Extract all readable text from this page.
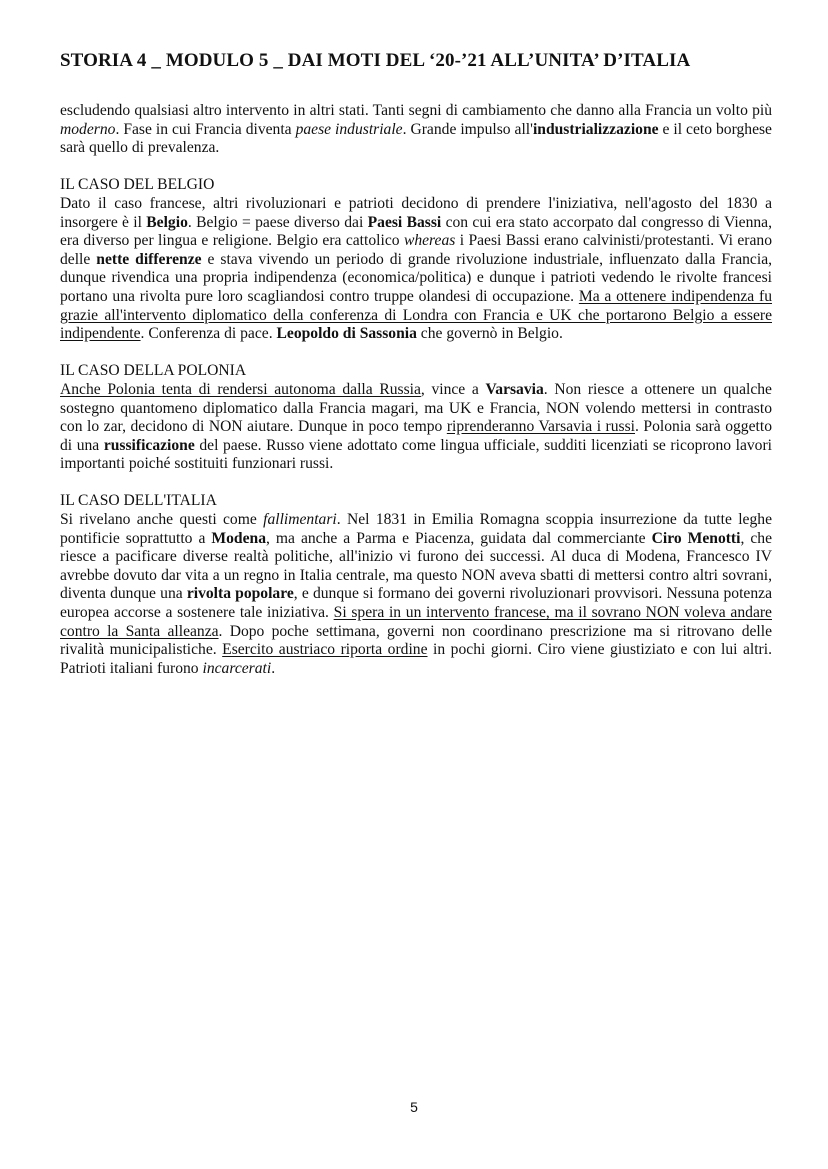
STORIA 4 _ MODULO 5 _ DAI MOTI DEL ‘20-’21 ALL’UNITA’ D’ITALIA

escludendo qualsiasi altro intervento in altri stati. Tanti segni di cambiamento che danno alla Francia un volto più moderno. Fase in cui Francia diventa paese industriale. Grande impulso all'industrializzazione e il ceto borghese sarà quello di prevalenza.

IL CASO DEL BELGIO

Dato il caso francese, altri rivoluzionari e patrioti decidono di prendere l'iniziativa, nell'agosto del 1830 a insorgere è il Belgio. Belgio = paese diverso dai Paesi Bassi con cui era stato accorpato dal congresso di Vienna, era diverso per lingua e religione. Belgio era cattolico whereas i Paesi Bassi erano calvinisti/protestanti. Vi erano delle nette differenze e stava vivendo un periodo di grande rivoluzione industriale, influenzato dalla Francia, dunque rivendica una propria indipendenza (economica/politica) e dunque i patrioti vedendo le rivolte francesi portano una rivolta pure loro scagliandosi contro truppe olandesi di occupazione. Ma a ottenere indipendenza fu grazie all'intervento diplomatico della conferenza di Londra con Francia e UK che portarono Belgio a essere indipendente. Conferenza di pace. Leopoldo di Sassonia che governò in Belgio.

IL CASO DELLA POLONIA

Anche Polonia tenta di rendersi autonoma dalla Russia, vince a Varsavia. Non riesce a ottenere un qualche sostegno quantomeno diplomatico dalla Francia magari, ma UK e Francia, NON volendo mettersi in contrasto con lo zar, decidono di NON aiutare. Dunque in poco tempo riprenderanno Varsavia i russi. Polonia sarà oggetto di una russificazione del paese. Russo viene adottato come lingua ufficiale, sudditi licenziati se ricoprono lavori importanti poiché sostituiti funzionari russi.

IL CASO DELL'ITALIA

Si rivelano anche questi come fallimentari. Nel 1831 in Emilia Romagna scoppia insurrezione da tutte leghe pontificie soprattutto a Modena, ma anche a Parma e Piacenza, guidata dal commerciante Ciro Menotti, che riesce a pacificare diverse realtà politiche, all'inizio vi furono dei successi. Al duca di Modena, Francesco IV avrebbe dovuto dar vita a un regno in Italia centrale, ma questo NON aveva sbatti di mettersi contro altri sovrani, diventa dunque una rivolta popolare, e dunque si formano dei governi rivoluzionari provvisori. Nessuna potenza europea accorse a sostenere tale iniziativa. Si spera in un intervento francese, ma il sovrano NON voleva andare contro la Santa alleanza. Dopo poche settimana, governi non coordinano prescrizione ma si ritrovano delle rivalità municipalistiche. Esercito austriaco riporta ordine in pochi giorni. Ciro viene giustiziato e con lui altri. Patrioti italiani furono incarcerati.

5
